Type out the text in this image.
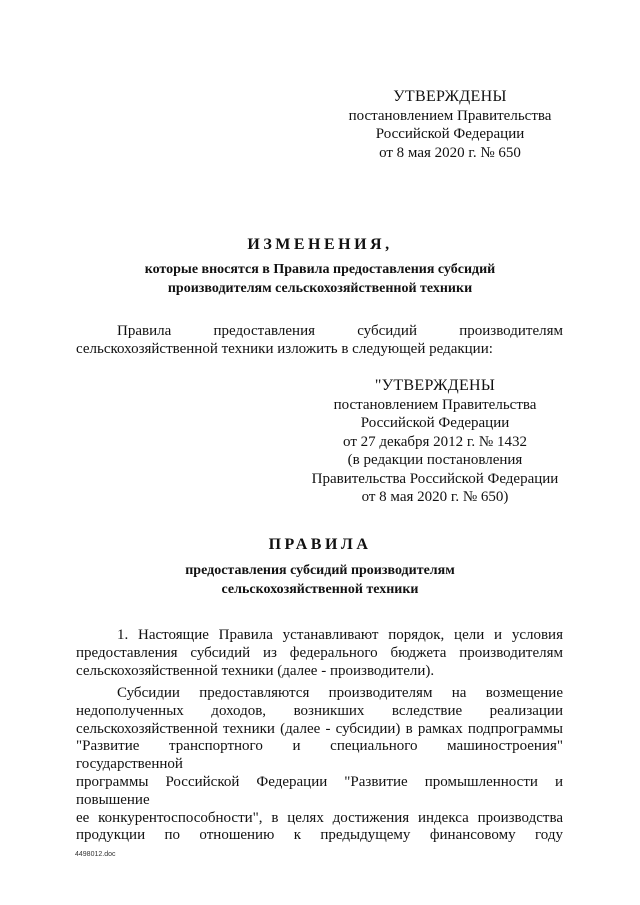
УТВЕРЖДЕНЫ
постановлением Правительства
Российской Федерации
от 8 мая 2020 г. № 650
ИЗМЕНЕНИЯ,
которые вносятся в Правила предоставления субсидий
производителям сельскохозяйственной техники
Правила предоставления субсидий производителям
сельскохозяйственной техники изложить в следующей редакции:
"УТВЕРЖДЕНЫ
постановлением Правительства
Российской Федерации
от 27 декабря 2012 г. № 1432
(в редакции постановления
Правительства Российской Федерации
от 8 мая 2020 г. № 650)
ПРАВИЛА
предоставления субсидий производителям
сельскохозяйственной техники
1. Настоящие Правила устанавливают порядок, цели и условия
предоставления субсидий из федерального бюджета производителям
сельскохозяйственной техники (далее - производители).
Субсидии предоставляются производителям на возмещение
недополученных доходов, возникших вследствие реализации
сельскохозяйственной техники (далее - субсидии) в рамках подпрограммы
"Развитие транспортного и специального машиностроения" государственной
программы Российской Федерации "Развитие промышленности и повышение
ее конкурентоспособности", в целях достижения индекса производства
продукции по отношению к предыдущему финансовому году
4498012.doc
